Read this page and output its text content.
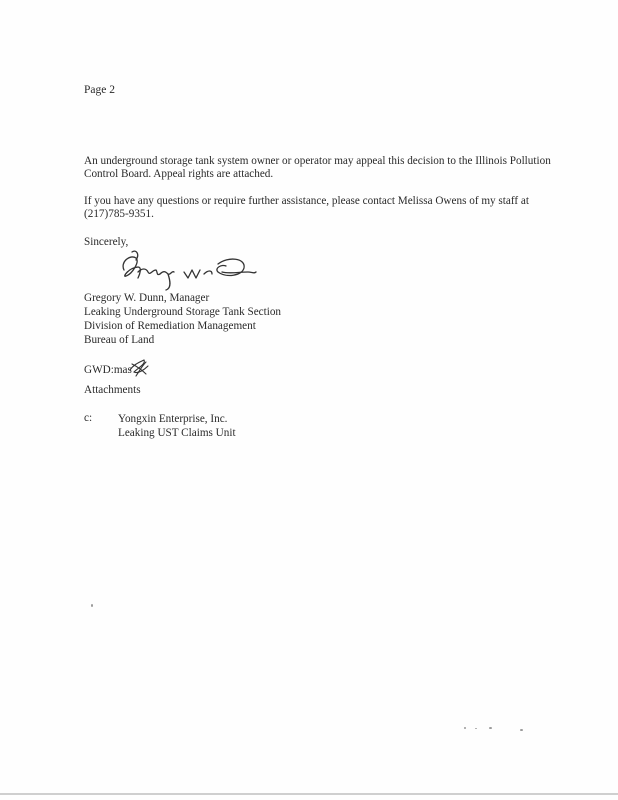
Page 2
An underground storage tank system owner or operator may appeal this decision to the Illinois Pollution Control Board. Appeal rights are attached.
If you have any questions or require further assistance, please contact Melissa Owens of my staff at (217)785-9351.
Sincerely,
Gregory W. Dunn, Manager
Leaking Underground Storage Tank Section
Division of Remediation Management
Bureau of Land
GWD:mas
Attachments
c: Yongxin Enterprise, Inc.
Leaking UST Claims Unit
